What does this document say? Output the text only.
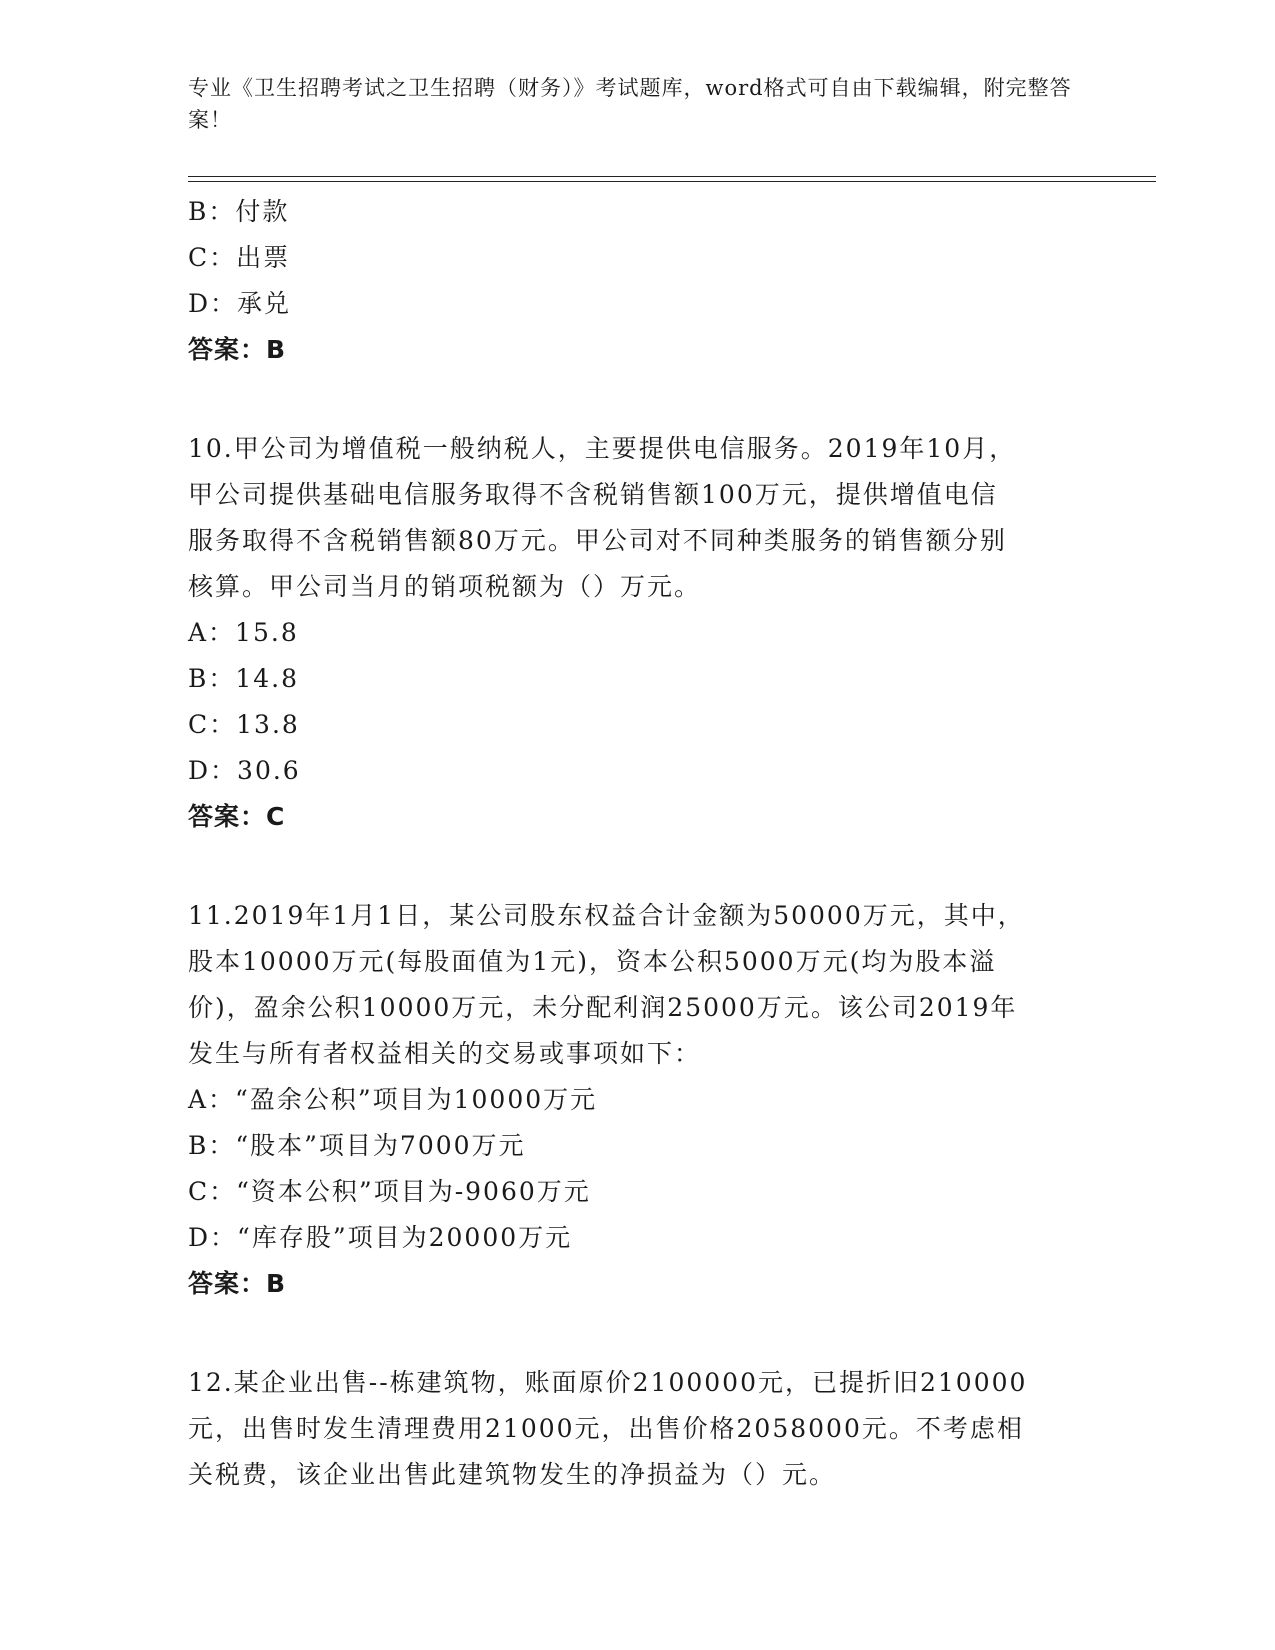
专业《卫生招聘考试之卫生招聘（财务）》考试题库，word格式可自由下载编辑，附完整答案！
B：付款
C：出票
D：承兑
答案：B
10.甲公司为增值税一般纳税人，主要提供电信服务。2019年10月，
甲公司提供基础电信服务取得不含税销售额100万元，提供增值电信
服务取得不含税销售额80万元。甲公司对不同种类服务的销售额分别
核算。甲公司当月的销项税额为（）万元。
A：15.8
B：14.8
C：13.8
D：30.6
答案：C
11.2019年1月1日，某公司股东权益合计金额为50000万元，其中，
股本10000万元(每股面值为1元)，资本公积5000万元(均为股本溢
价)，盈余公积10000万元，未分配利润25000万元。该公司2019年
发生与所有者权益相关的交易或事项如下：
A：“盈余公积”项目为10000万元
B：“股本”项目为7000万元
C：“资本公积”项目为-9060万元
D：“库存股”项目为20000万元
答案：B
12.某企业出售--栋建筑物，账面原价2100000元，已提折旧210000
元，出售时发生清理费用21000元，出售价格2058000元。不考虑相
关税费，该企业出售此建筑物发生的净损益为（）元。
